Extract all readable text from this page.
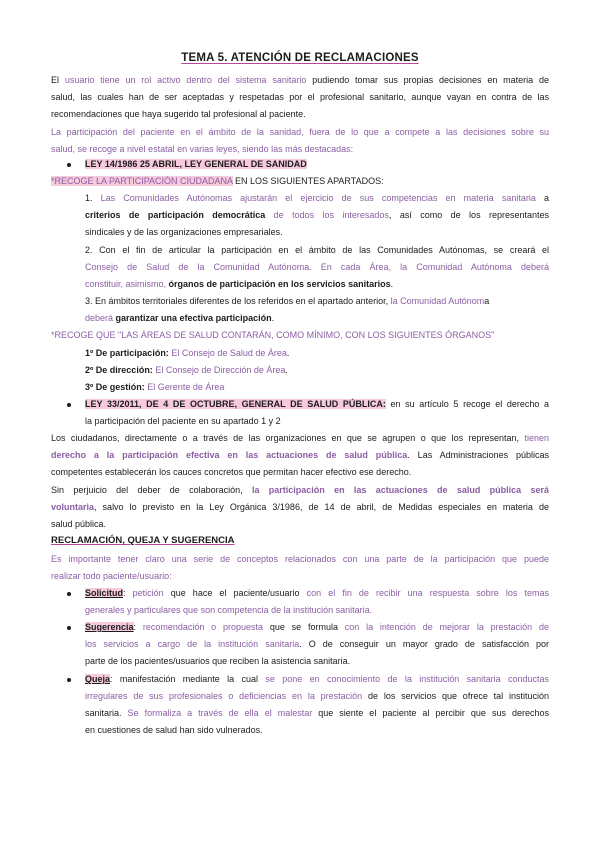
TEMA 5. ATENCIÓN DE RECLAMACIONES
El usuario tiene un rol activo dentro del sistema sanitario pudiendo tomar sus propias decisiones en materia de
salud, las cuales han de ser aceptadas y respetadas por el profesional sanitario, aunque vayan en contra de las
recomendaciones que haya sugerido tal profesional al paciente.
La participación del paciente en el ámbito de la sanidad, fuera de lo que a compete a las decisiones sobre su
salud, se recoge a nivel estatal en varias leyes, siendo las más destacadas:
LEY 14/1986 25 ABRIL, LEY GENERAL DE SANIDAD
*RECOGE LA PARTICIPACIÓN CIUDADANA EN LOS SIGUIENTES APARTADOS:
1. Las Comunidades Autónomas ajustarán el ejercicio de sus competencias en materia sanitaria a
criterios de participación democrática de todos los interesados, así como de los representantes
sindicales y de las organizaciones empresariales.
2. Con el fin de articular la participación en el ámbito de las Comunidades Autónomas, se creará el
Consejo de Salud de la Comunidad Autónoma. En cada Área, la Comunidad Autónoma deberá
constituir, asimismo, órganos de participación en los servicios sanitarios.
3. En ámbitos territoriales diferentes de los referidos en el apartado anterior, la Comunidad Autónoma
deberá garantizar una efectiva participación.
*RECOGE QUE "LAS ÁREAS DE SALUD CONTARÁN, COMO MÍNIMO, CON LOS SIGUIENTES ÓRGANOS"
1º De participación: El Consejo de Salud de Área.
2º De dirección: El Consejo de Dirección de Área.
3º De gestión: El Gerente de Área
LEY 33/2011, DE 4 DE OCTUBRE, GENERAL DE SALUD PÚBLICA: en su artículo 5 recoge el derecho a
la participación del paciente en su apartado 1 y 2
Los ciudadanos, directamente o a través de las organizaciones en que se agrupen o que los representan, tienen
derecho a la participación efectiva en las actuaciones de salud pública. Las Administraciones públicas
competentes establecerán los cauces concretos que permitan hacer efectivo ese derecho.
Sin perjuicio del deber de colaboración, la participación en las actuaciones de salud pública será
voluntaria, salvo lo previsto en la Ley Orgánica 3/1986, de 14 de abril, de Medidas especiales en materia de
salud pública.
RECLAMACIÓN, QUEJA Y SUGERENCIA
Es importante tener claro una serie de conceptos relacionados con una parte de la participación que puede
realizar todo paciente/usuario:
Solicitud: petición que hace el paciente/usuario con el fin de recibir una respuesta sobre los temas
generales y particulares que son competencia de la institución sanitaria.
Sugerencia: recomendación o propuesta que se formula con la intención de mejorar la prestación de
los servicios a cargo de la institución sanitaria. O de conseguir un mayor grado de satisfacción por
parte de los pacientes/usuarios que reciben la asistencia sanitaria.
Queja: manifestación mediante la cual se pone en conocimiento de la institución sanitaria conductas
irregulares de sus profesionales o deficiencias en la prestación de los servicios que ofrece tal institución
sanitaria. Se formaliza a través de ella el malestar que siente el paciente al percibir que sus derechos
en cuestiones de salud han sido vulnerados.
